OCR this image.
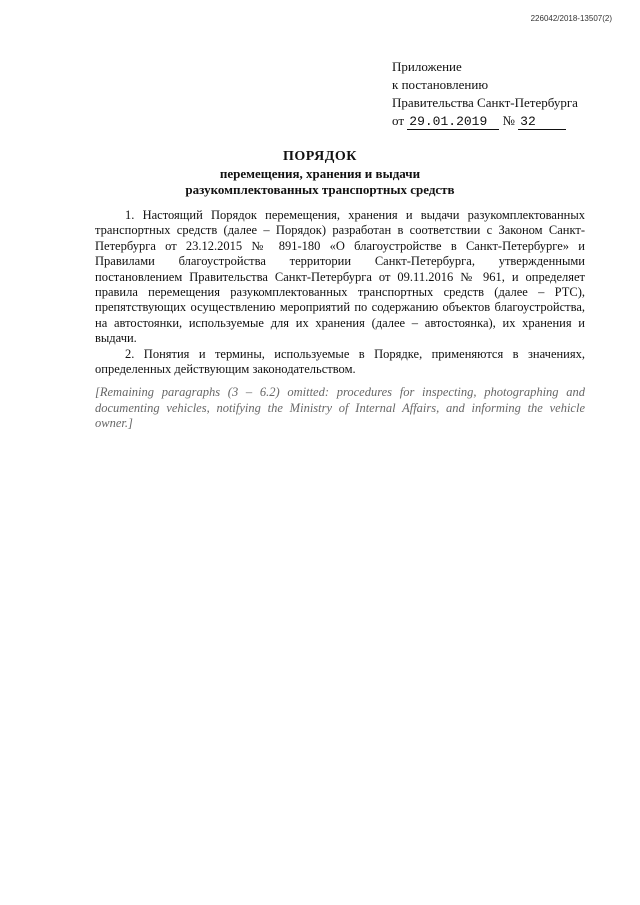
226042/2018-13507(2)
Приложение
к постановлению
Правительства Санкт-Петербурга
от 29.01.2019 № 32
ПОРЯДОК
перемещения, хранения и выдачи
разукомплектованных транспортных средств

1. Настоящий Порядок перемещения, хранения и выдачи разукомплектованных транспортных средств (далее – Порядок) разработан в соответствии с Законом Санкт-Петербурга от 23.12.2015 № 891-180 «О благоустройстве в Санкт-Петербурге» и Правилами благоустройства территории Санкт-Петербурга, утвержденными постановлением Правительства Санкт-Петербурга от 09.11.2016 № 961, и определяет правила перемещения разукомплектованных транспортных средств (далее – РТС), препятствующих осуществлению мероприятий по содержанию объектов благоустройства, на автостоянки, используемые для их хранения (далее – автостоянка), их хранения и выдачи.

2. Понятия и термины, используемые в Порядке, применяются в значениях, определенных действующим законодательством.

[Remaining paragraphs (3 – 6.2) omitted: procedures for inspecting, photographing and documenting vehicles, notifying the Ministry of Internal Affairs, and informing the vehicle owner.]
